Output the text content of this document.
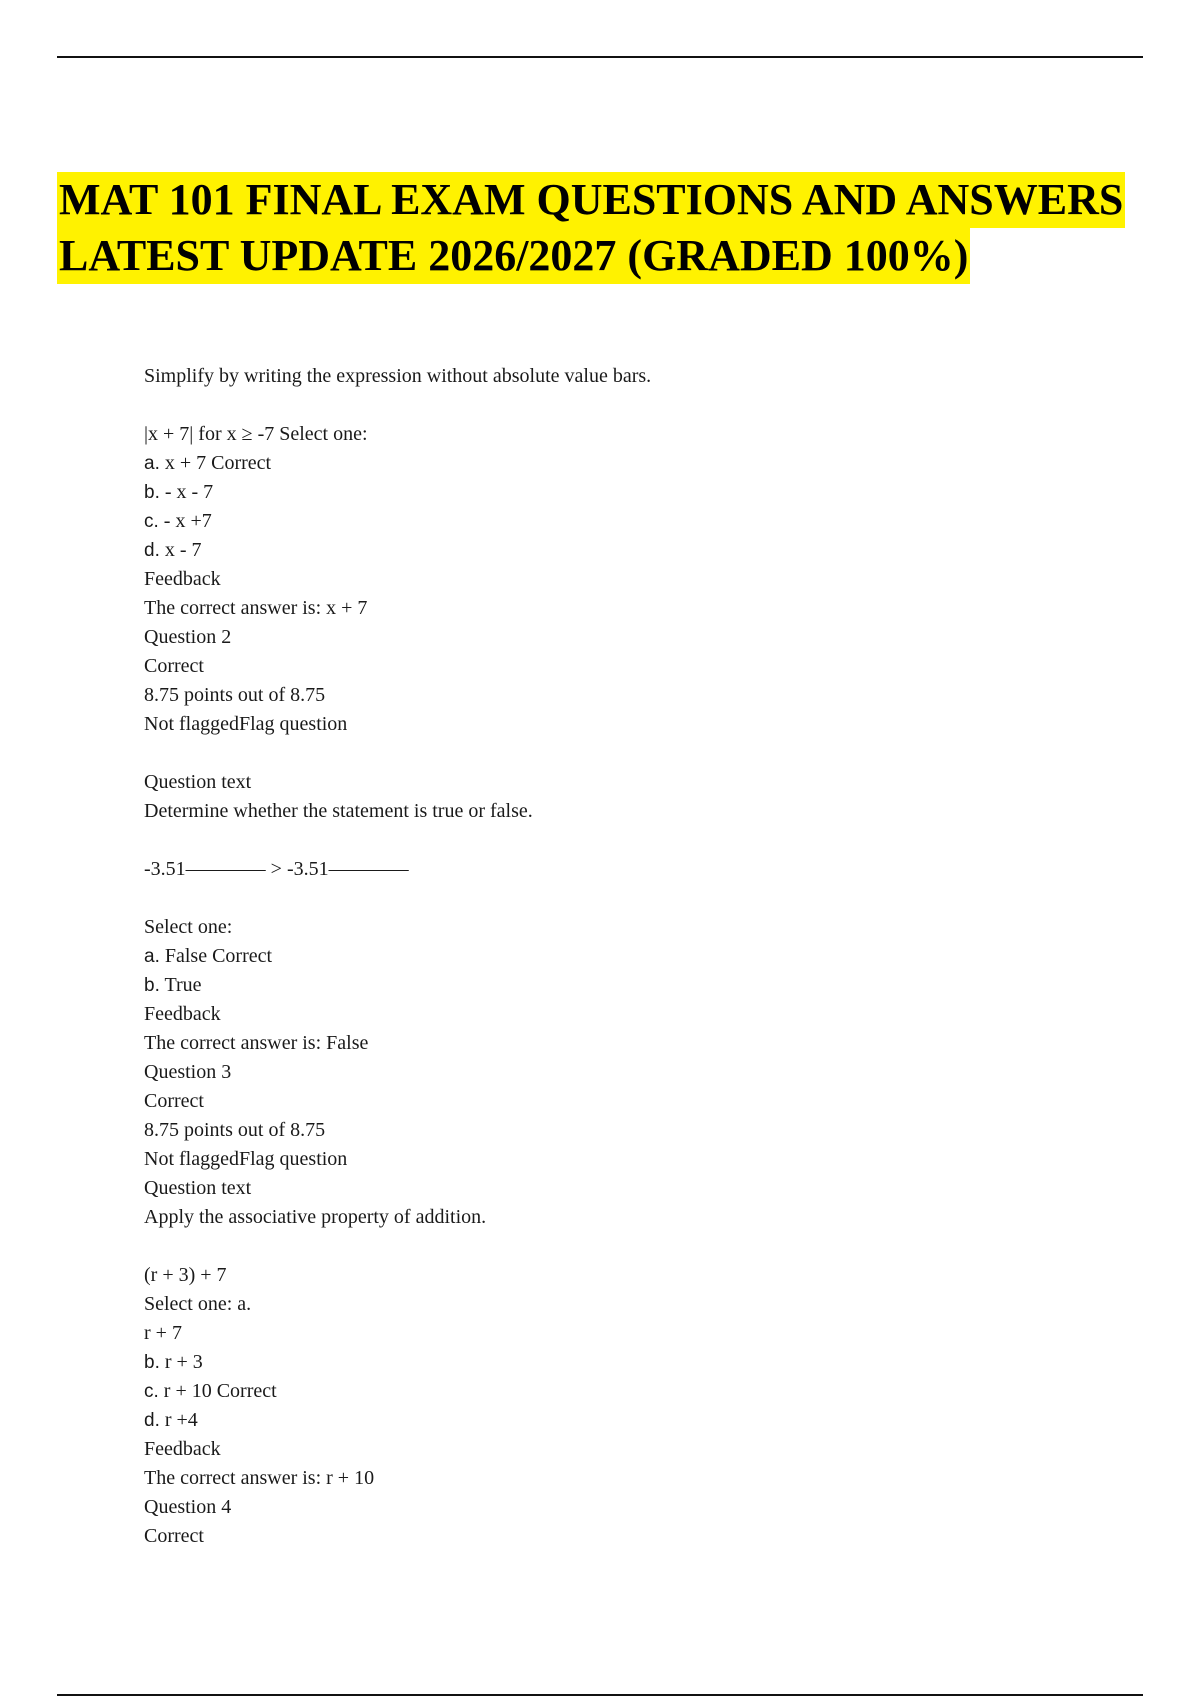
MAT 101 FINAL EXAM QUESTIONS AND ANSWERS
LATEST UPDATE 2026/2027 (GRADED 100%)
Simplify by writing the expression without absolute value bars.
|x + 7| for x ≥ -7 Select one:
a. x + 7 Correct
b. - x - 7
c. - x +7
d. x - 7
Feedback
The correct answer is: x + 7
Question 2
Correct
8.75 points out of 8.75
Not flaggedFlag question
Question text
Determine whether the statement is true or false.
-3.51———— > -3.51————
Select one:
a. False Correct
b. True
Feedback
The correct answer is: False
Question 3
Correct
8.75 points out of 8.75
Not flaggedFlag question
Question text
Apply the associative property of addition.
(r + 3) + 7
Select one: a.
r + 7
b. r + 3
c. r + 10 Correct
d. r +4
Feedback
The correct answer is: r + 10
Question 4
Correct
